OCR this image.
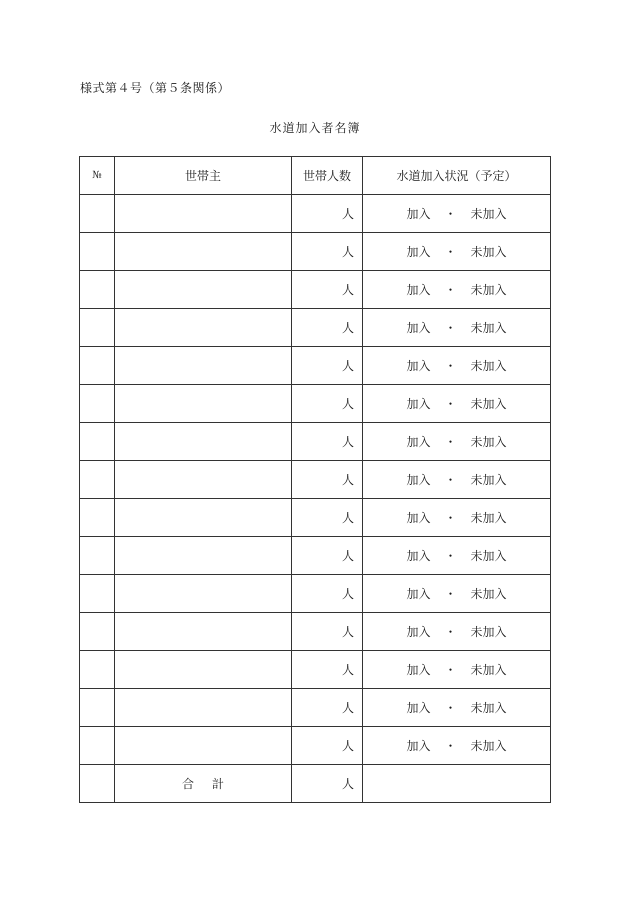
様式第４号（第５条関係）
水道加入者名簿
№	世帯主	世帯人数	水道加入状況（予定）
		人	加入 ・ 未加入
		人	加入 ・ 未加入
		人	加入 ・ 未加入
		人	加入 ・ 未加入
		人	加入 ・ 未加入
		人	加入 ・ 未加入
		人	加入 ・ 未加入
		人	加入 ・ 未加入
		人	加入 ・ 未加入
		人	加入 ・ 未加入
		人	加入 ・ 未加入
		人	加入 ・ 未加入
		人	加入 ・ 未加入
		人	加入 ・ 未加入
		人	加入 ・ 未加入
	合計	人	
